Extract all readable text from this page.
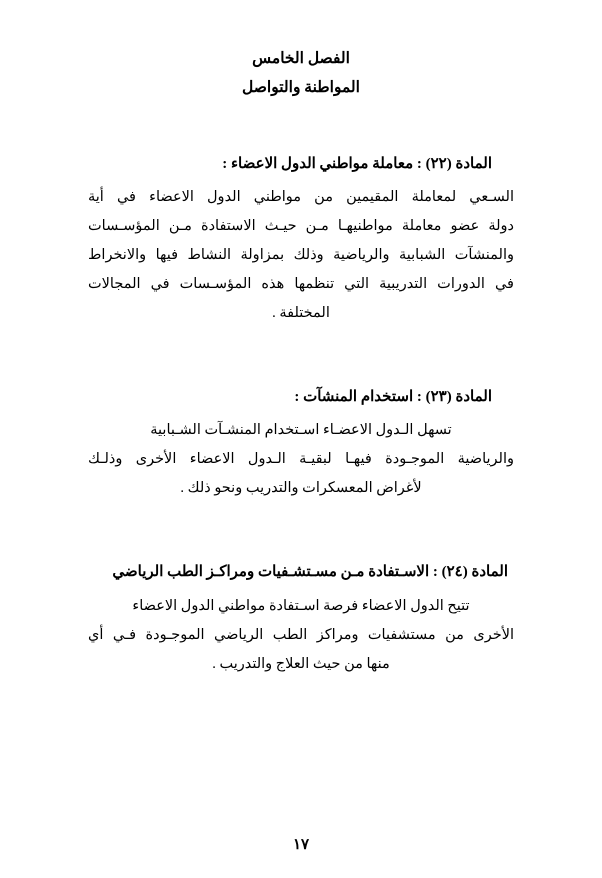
الفصل الخامس
المواطنة والتواصل

المادة (٢٢) : معاملة مواطني الدول الاعضاء :

السـعي لمعاملة المقيمين من مواطني الدول الاعضاء في أية
دولة عضو معاملة مواطنيهـا مـن حيـث الاستفادة مـن المؤسـسات
والمنشآت الشبابية والرياضية وذلك بمزاولة النشاط فيها والانخراط
في الدورات التدريبية التي تنظمها هذه المؤسـسات في المجالات
المختلفة .

المادة (٢٣) : استخدام المنشآت :

تسهل الـدول الاعضـاء اسـتخدام المنشـآت الشـبابية
والرياضية الموجـودة فيهـا لبقيـة الـدول الاعضاء الأخرى وذلـك
لأغراض المعسكرات والتدريب ونحو ذلك .

المادة (٢٤) : الاسـتفادة مـن مسـتشـفيات ومراكـز الطب الرياضي

تتيح الدول الاعضاء فرصة اسـتفادة مواطني الدول الاعضاء
الأخرى من مستشفيات ومراكز الطب الرياضي الموجـودة فـي أي
منها من حيث العلاج والتدريب .
١٧
